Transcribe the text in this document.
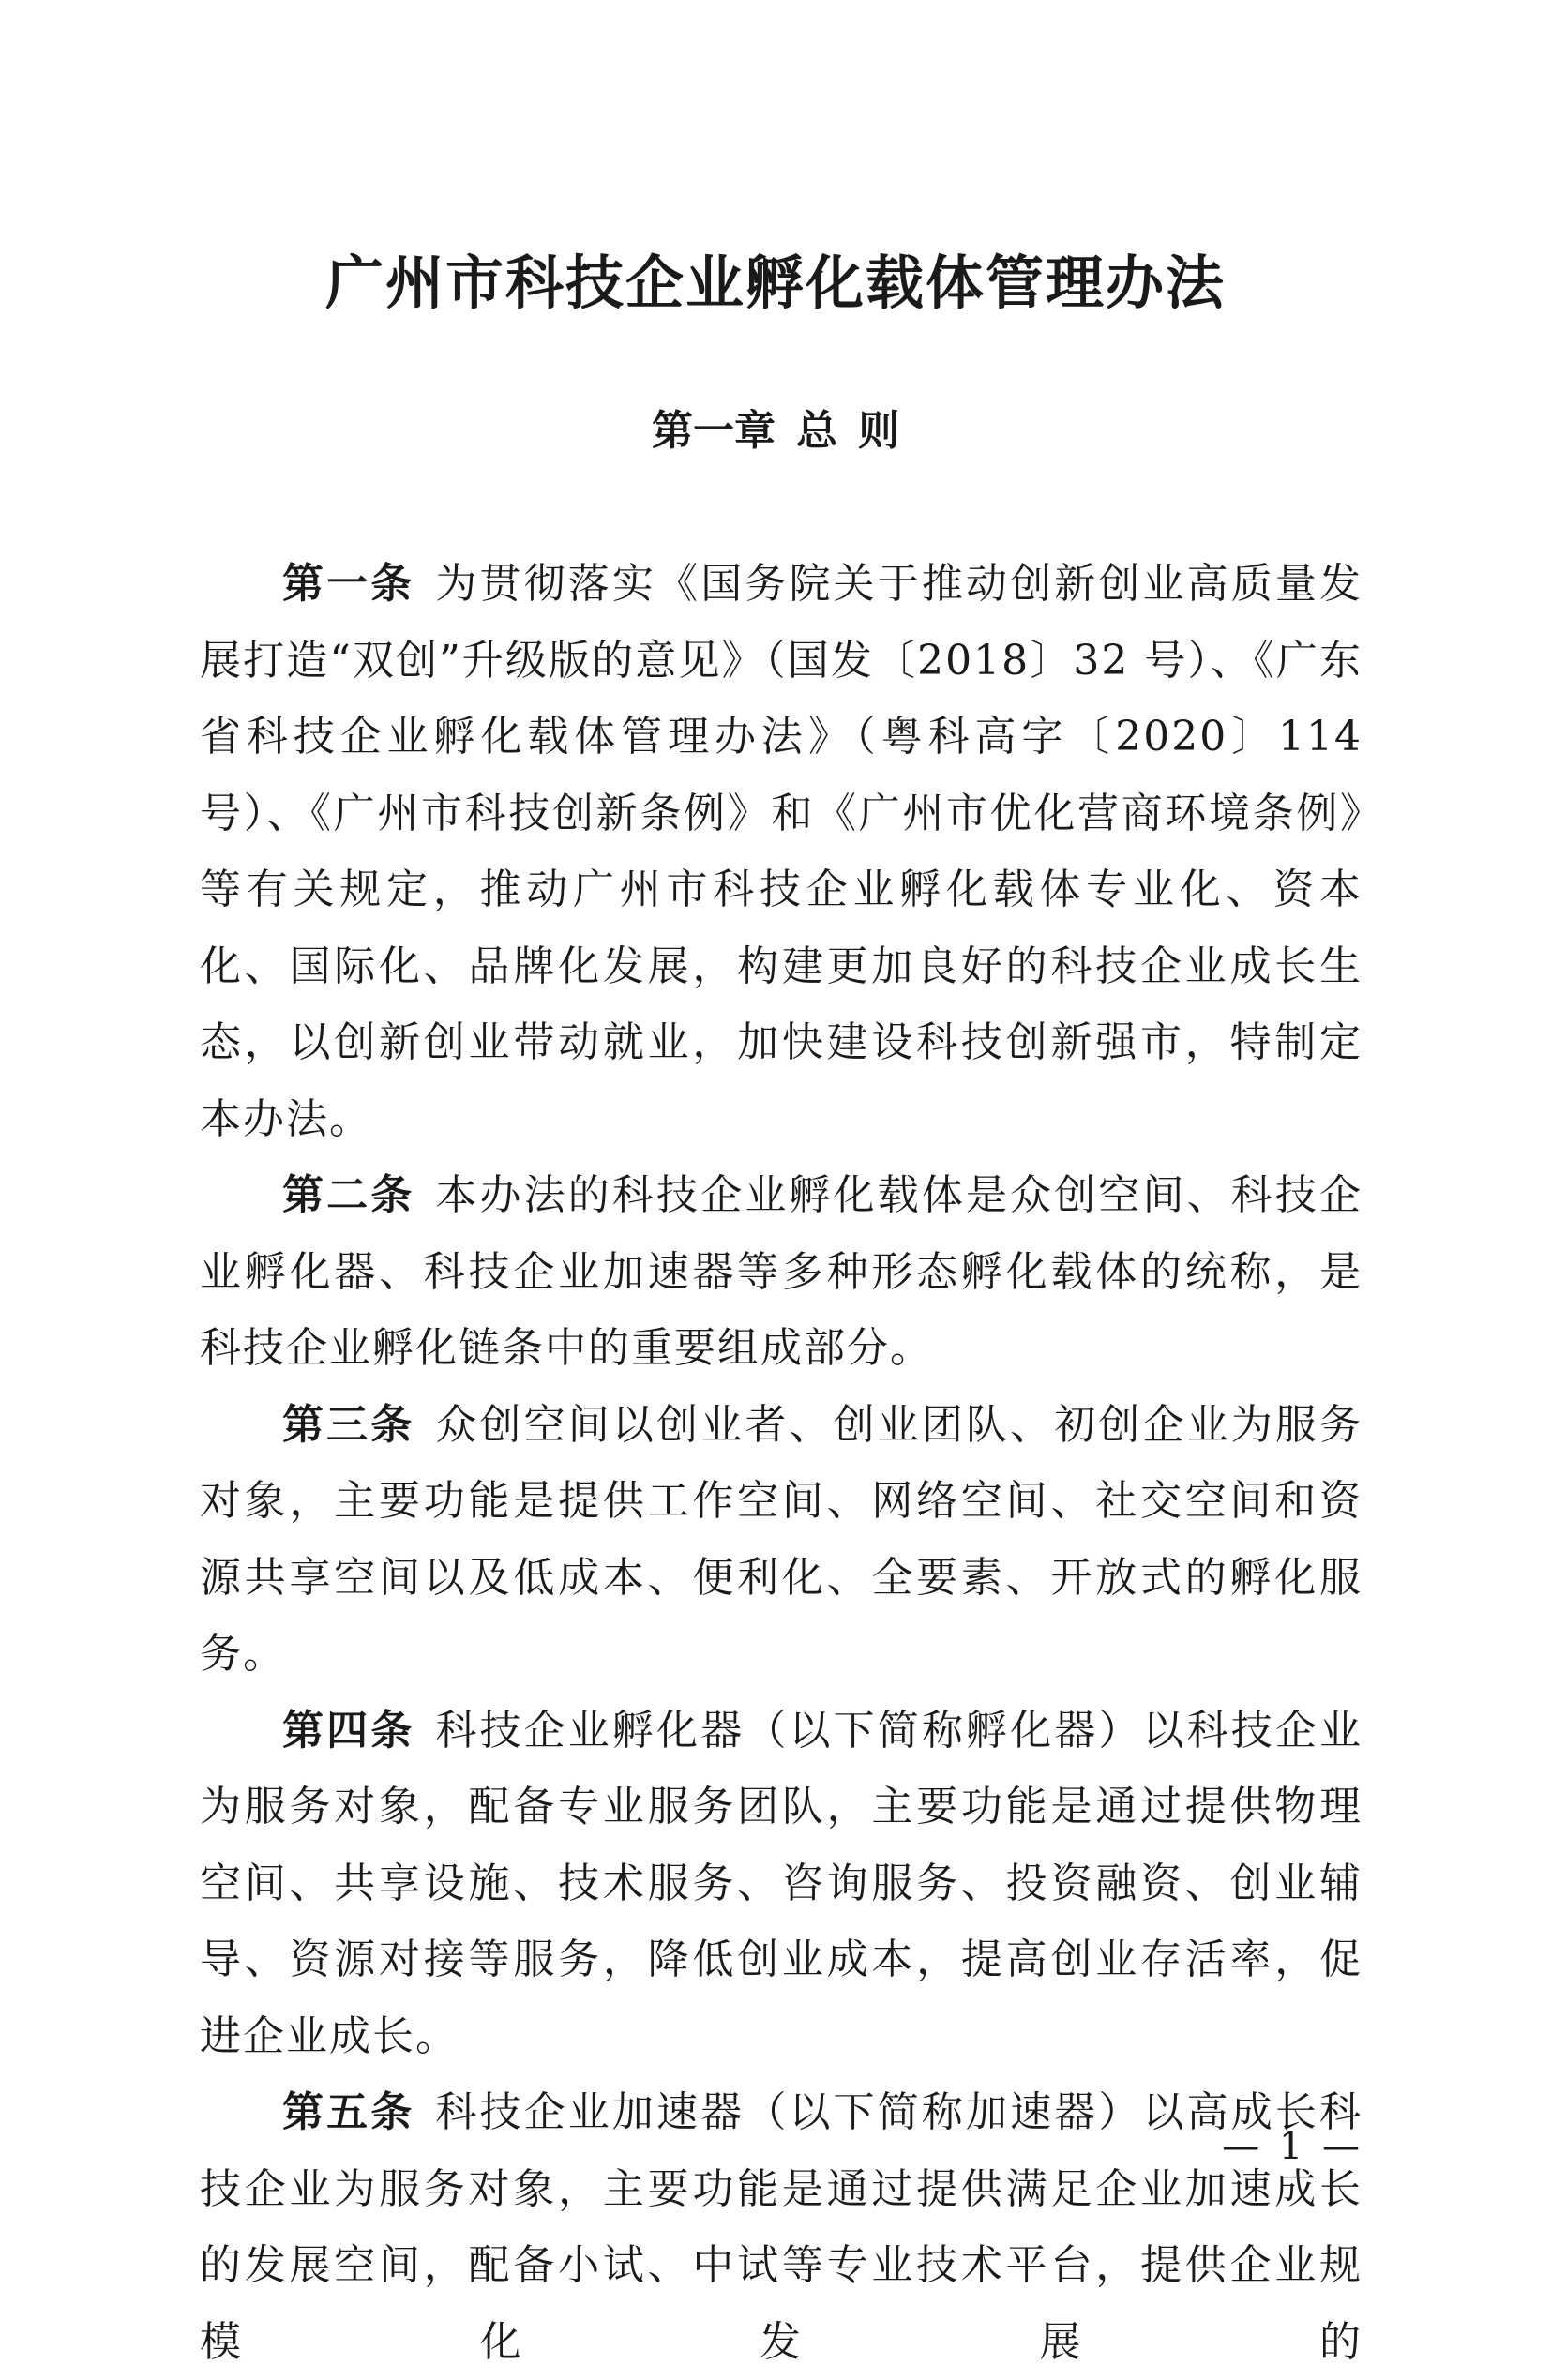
广州市科技企业孵化载体管理办法
第一章 总 则

第一条 为贯彻落实《国务院关于推动创新创业高质量发展打造“双创”升级版的意见》（国发〔2018〕32 号）、《广东省科技企业孵化载体管理办法》（粤科高字〔2020〕114 号）、《广州市科技创新条例》和《广州市优化营商环境条例》等有关规定，推动广州市科技企业孵化载体专业化、资本化、国际化、品牌化发展，构建更加良好的科技企业成长生态，以创新创业带动就业，加快建设科技创新强市，特制定本办法。

第二条 本办法的科技企业孵化载体是众创空间、科技企业孵化器、科技企业加速器等多种形态孵化载体的统称，是科技企业孵化链条中的重要组成部分。

第三条 众创空间以创业者、创业团队、初创企业为服务对象，主要功能是提供工作空间、网络空间、社交空间和资源共享空间以及低成本、便利化、全要素、开放式的孵化服务。

第四条 科技企业孵化器（以下简称孵化器）以科技企业为服务对象，配备专业服务团队，主要功能是通过提供物理空间、共享设施、技术服务、咨询服务、投资融资、创业辅导、资源对接等服务，降低创业成本，提高创业存活率，促进企业成长。

第五条 科技企业加速器（以下简称加速器）以高成长科技企业为服务对象，主要功能是通过提供满足企业加速成长的发展空间，配备小试、中试等专业技术平台，提供企业规模化发展的

— 1 —
